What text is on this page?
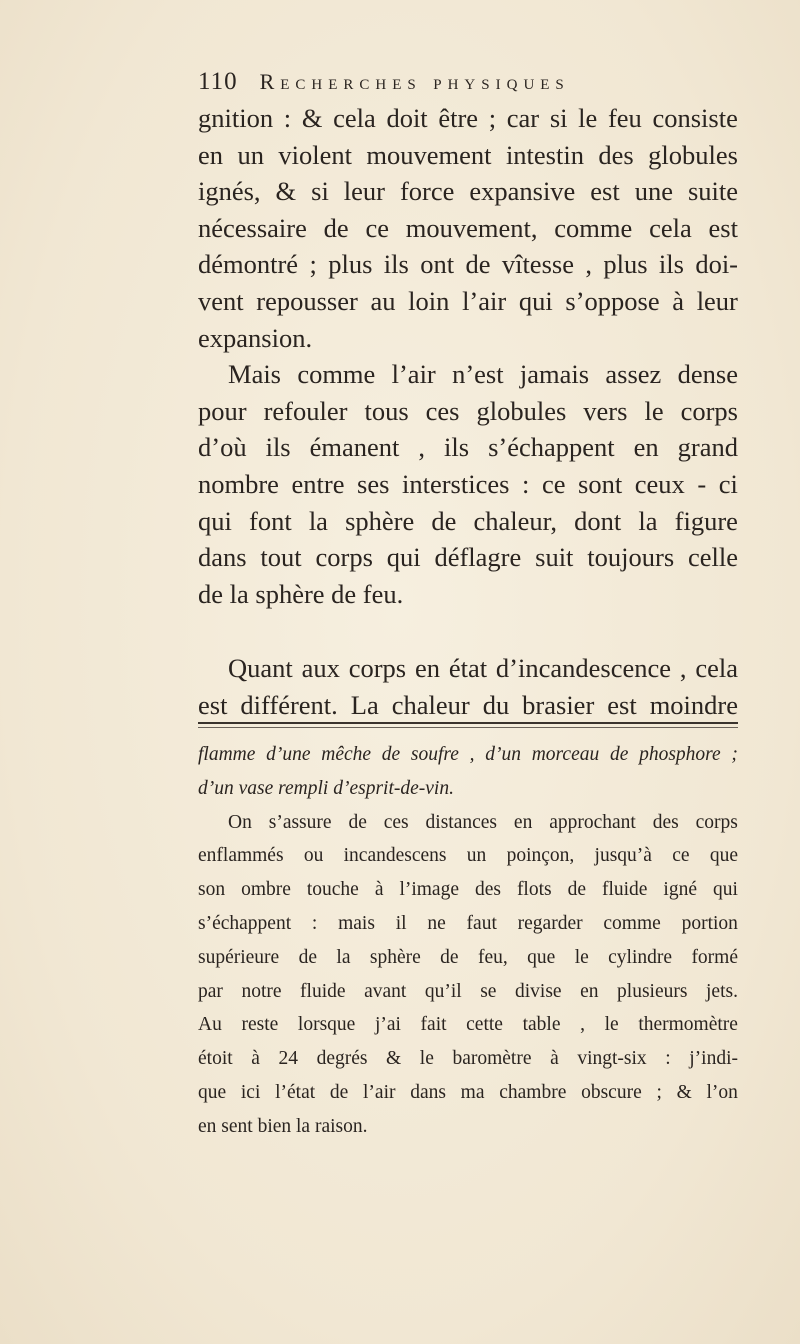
110 Recherches physiques
gnition : & cela doit être ; car si le feu consiste
en un violent mouvement intestin des globules
ignés, & si leur force expansive est une suite
nécessaire de ce mouvement, comme cela est
démontré ; plus ils ont de vîtesse , plus ils doi-
vent repousser au loin l’air qui s’oppose à leur
expansion.
Mais comme l’air n’est jamais assez dense
pour refouler tous ces globules vers le corps
d’où ils émanent , ils s’échappent en grand
nombre entre ses interstices : ce sont ceux - ci
qui font la sphère de chaleur, dont la figure
dans tout corps qui déflagre suit toujours celle
de la sphère de feu.
Quant aux corps en état d’incandescence , cela
est différent. La chaleur du brasier est moindre
flamme d’une mêche de soufre , d’un morceau de phosphore ;
d’un vase rempli d’esprit-de-vin.
On s’assure de ces distances en approchant des corps
enflammés ou incandescens un poinçon, jusqu’à ce que
son ombre touche à l’image des flots de fluide igné qui
s’échappent : mais il ne faut regarder comme portion
supérieure de la sphère de feu, que le cylindre formé
par notre fluide avant qu’il se divise en plusieurs jets.
Au reste lorsque j’ai fait cette table , le thermomètre
étoit à 24 degrés & le baromètre à vingt-six : j’indi-
que ici l’état de l’air dans ma chambre obscure ; & l’on
en sent bien la raison.
